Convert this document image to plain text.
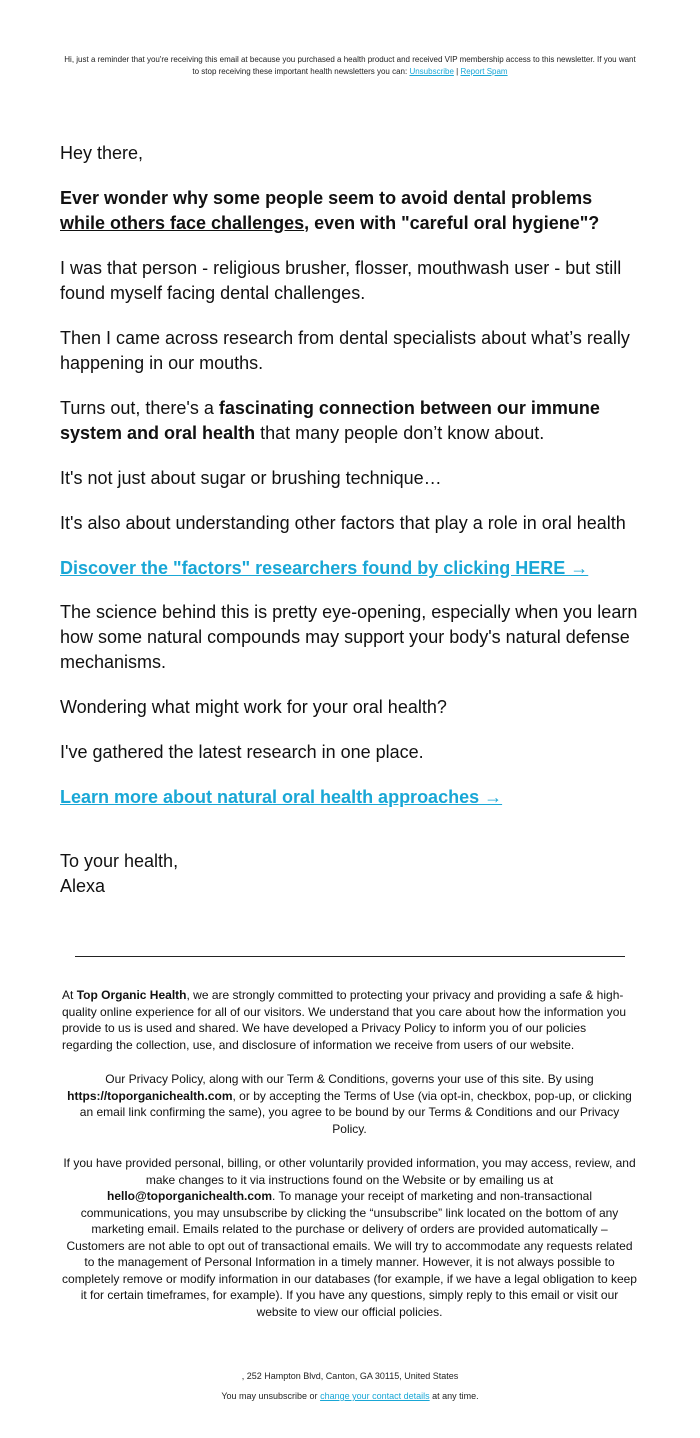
Hi, just a reminder that you're receiving this email at because you purchased a health product and received VIP membership access to this newsletter. If you want to stop receiving these important health newsletters you can: Unsubscribe | Report Spam

Hey there,

Ever wonder why some people seem to avoid dental problems
while others face challenges, even with "careful oral hygiene"?

I was that person - religious brusher, flosser, mouthwash user - but still found myself facing dental challenges.

Then I came across research from dental specialists about what’s really happening in our mouths.

Turns out, there's a fascinating connection between our immune system and oral health that many people don’t know about.

It's not just about sugar or brushing technique…

It's also about understanding other factors that play a role in oral health

Discover the "factors" researchers found by clicking HERE →

The science behind this is pretty eye-opening, especially when you learn how some natural compounds may support your body's natural defense mechanisms.

Wondering what might work for your oral health?

I've gathered the latest research in one place.

Learn more about natural oral health approaches →

To your health,
Alexa

At Top Organic Health, we are strongly committed to protecting your privacy and providing a safe & high-quality online experience for all of our visitors. We understand that you care about how the information you provide to us is used and shared. We have developed a Privacy Policy to inform you of our policies regarding the collection, use, and disclosure of information we receive from users of our website.
Our Privacy Policy, along with our Term & Conditions, governs your use of this site. By using https://toporganichealth.com, or by accepting the Terms of Use (via opt-in, checkbox, pop-up, or clicking an email link confirming the same), you agree to be bound by our Terms & Conditions and our Privacy Policy.
If you have provided personal, billing, or other voluntarily provided information, you may access, review, and make changes to it via instructions found on the Website or by emailing us at hello@toporganichealth.com. To manage your receipt of marketing and non-transactional communications, you may unsubscribe by clicking the “unsubscribe” link located on the bottom of any marketing email. Emails related to the purchase or delivery of orders are provided automatically – Customers are not able to opt out of transactional emails. We will try to accommodate any requests related to the management of Personal Information in a timely manner. However, it is not always possible to completely remove or modify information in our databases (for example, if we have a legal obligation to keep it for certain timeframes, for example). If you have any questions, simply reply to this email or visit our website to view our official policies.
, 252 Hampton Blvd, Canton, GA 30115, United States
You may unsubscribe or change your contact details at any time.
